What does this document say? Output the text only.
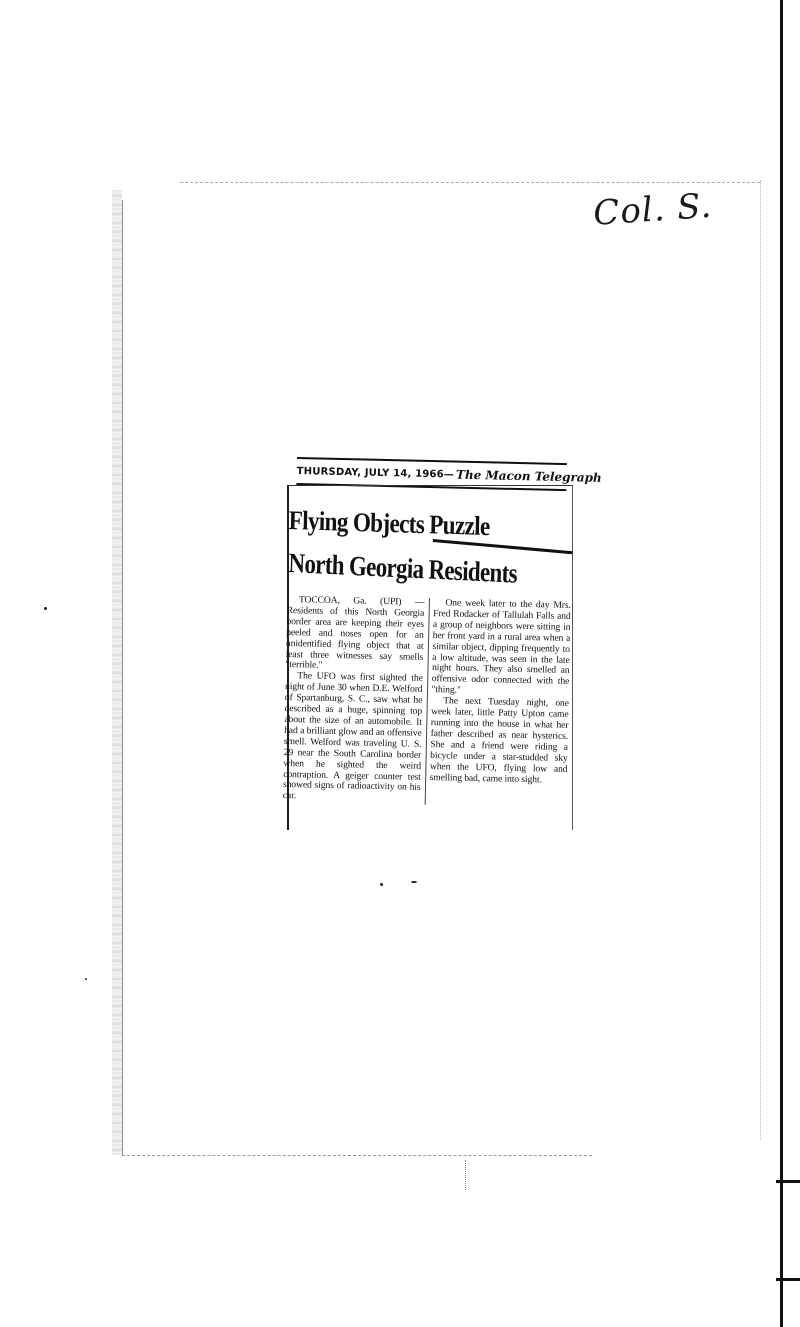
Col. S.
THURSDAY, JULY 14, 1966— The Macon Telegraph
Flying Objects Puzzle
North Georgia Residents

TOCCOA, Ga. (UPI) — Residents of this North Georgia border area are keeping their eyes peeled and noses open for an unidentified flying object that at least three witnesses say smells "terrible."

The UFO was first sighted the night of June 30 when D.E. Welford of Spartanburg, S. C., saw what he described as a huge, spinning top about the size of an automobile. It had a brilliant glow and an offensive smell. Welford was traveling U. S. 29 near the South Carolina border when he sighted the weird contraption. A geiger counter test showed signs of radioactivity on his car.

One week later to the day Mrs. Fred Rodacker of Tallulah Falls and a group of neighbors were sitting in her front yard in a rural area when a similar object, dipping frequently to a low altitude, was seen in the late night hours. They also smelled an offensive odor connected with the "thing."

The next Tuesday night, one week later, little Patty Upton came running into the house in what her father described as near hysterics. She and a friend were riding a bicycle under a star-studded sky when the UFO, flying low and smelling bad, came into sight.
